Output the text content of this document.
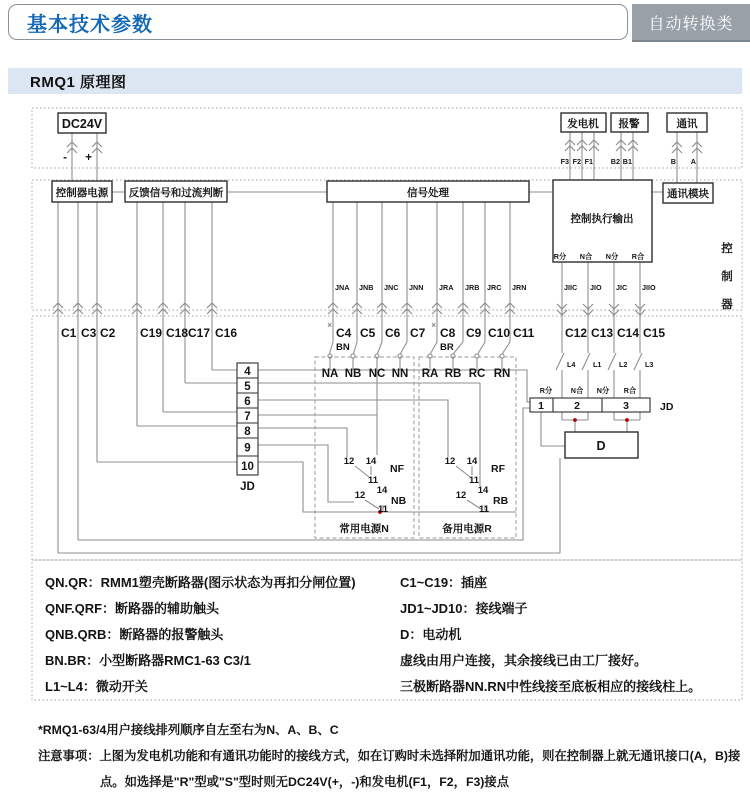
基本技术参数	自动转换类
RMQ1 原理图
DC24V
- +
发电机
F3 F2 F1
报警
B2 B1
通讯
B A
控制器电源 反馈信号和过流判断	信号处理
控制执行输出
R分 N合 N分 R合
通讯模块
控
制
器
JNA JNB JNC JNN JRA JRB JRC JRN	JIIC JIO JIC JIIO
C1 C3 C2 C19 C18 C17 C16	C4 C5 C6 C7 C8 C9 C10 C11	C12 C13 C14 C15
×	×
BN	BR
常用电源N	备用电源R
NA NB NC NN RA RB RC RN
4
5
6
7
8
9
10
JD
12 14
11
NF
12 14
11
NB
12 14
11
RF
12 14
11
RB
L4 L1 L2 L3
R分	N合 N分 R合
1	2	3	JD
D
QN.QR：RMM1塑壳断路器(图示状态为再扣分闸位置)
QNF.QRF：断路器的辅助触头
QNB.QRB：断路器的报警触头
BN.BR：小型断路器RMC1-63 C3/1
L1~L4：微动开关
C1~C19：插座
JD1~JD10：接线端子
D：电动机
虚线由用户连接，其余接线已由工厂接好。
三极断路器NN.RN中性线接至底板相应的接线柱上。
*RMQ1-63/4用户接线排列顺序自左至右为N、A、B、C
注意事项：上图为发电机功能和有通讯功能时的接线方式，如在订购时未选择附加通讯功能，则在控制器上就无通讯接口(A，B)接
点。如选择是"R"型或"S"型时则无DC24V(+，-)和发电机(F1，F2，F3)接点
